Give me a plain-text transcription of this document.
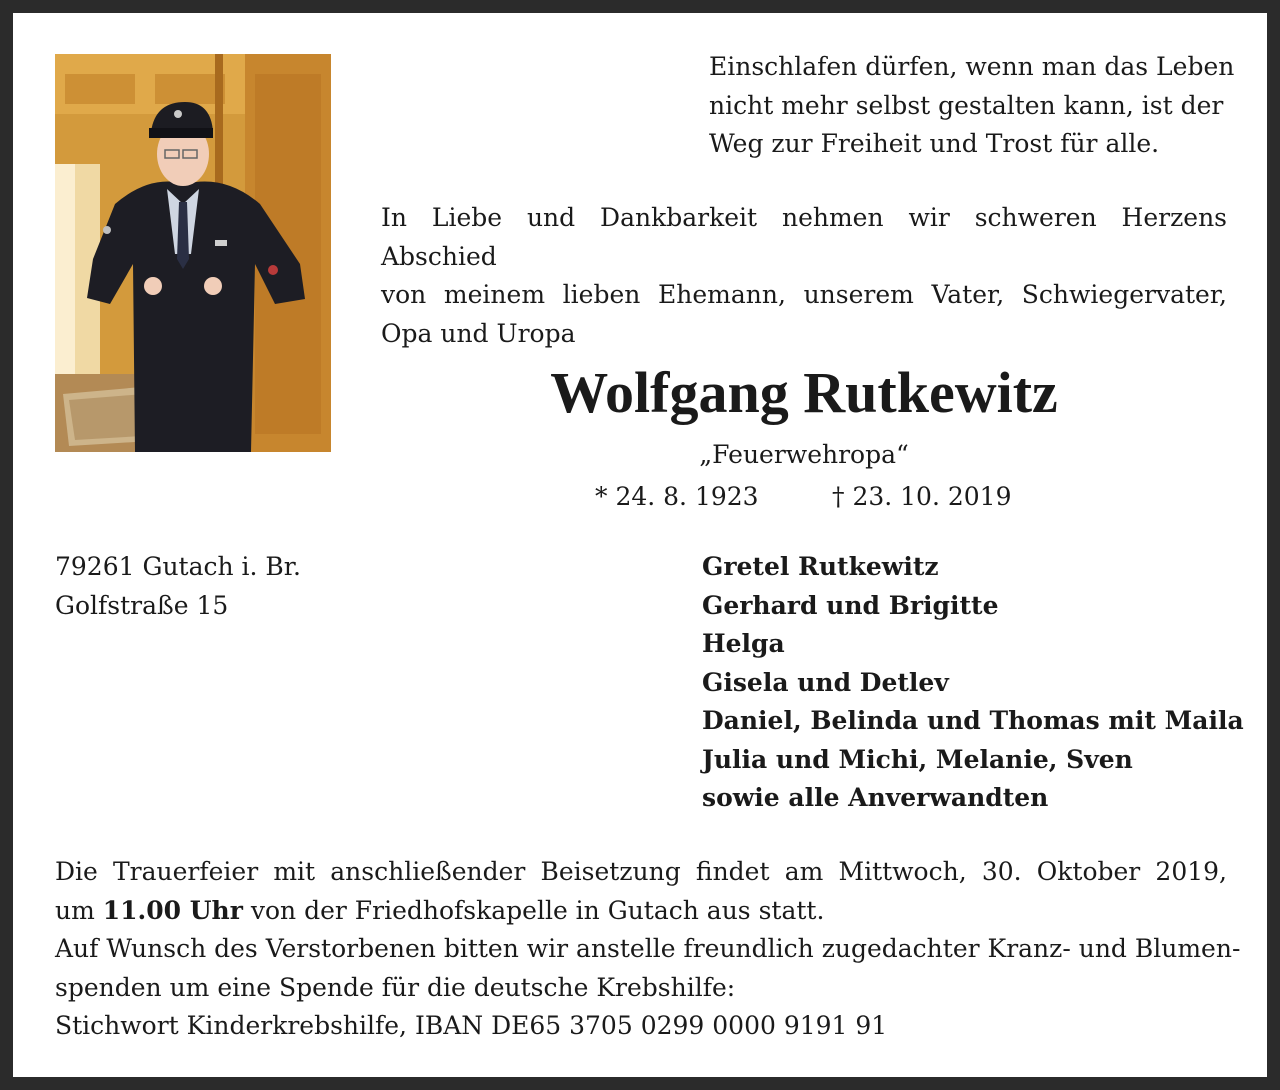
Einschlafen dürfen, wenn man das Leben
nicht mehr selbst gestalten kann, ist der
Weg zur Freiheit und Trost für alle.
In Liebe und Dankbarkeit nehmen wir schweren Herzens Abschied
von meinem lieben Ehemann, unserem Vater, Schwiegervater,
Opa und Uropa
Wolfgang Rutkewitz
„Feuerwehropa“
* 24. 8. 1923	† 23. 10. 2019
79261 Gutach i. Br.
Golfstraße 15
Gretel Rutkewitz
Gerhard und Brigitte
Helga
Gisela und Detlev
Daniel, Belinda und Thomas mit Maila
Julia und Michi, Melanie, Sven
sowie alle Anverwandten
Die Trauerfeier mit anschließender Beisetzung findet am Mittwoch, 30. Oktober 2019,
um 11.00 Uhr von der Friedhofskapelle in Gutach aus statt.
Auf Wunsch des Verstorbenen bitten wir anstelle freundlich zugedachter Kranz- und Blumen-
spenden um eine Spende für die deutsche Krebshilfe:
Stichwort Kinderkrebshilfe, IBAN DE65 3705 0299 0000 9191 91
